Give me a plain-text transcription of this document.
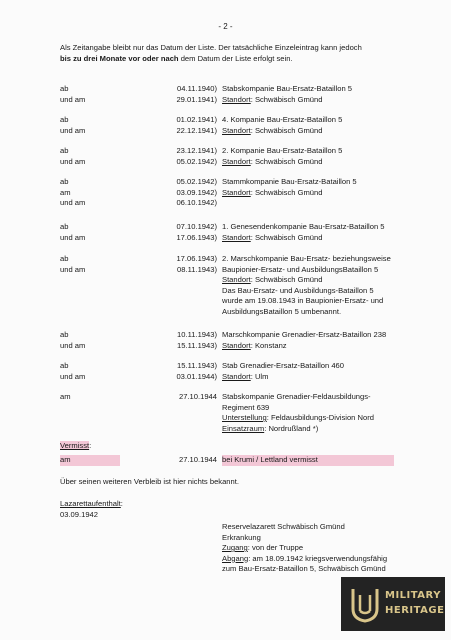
- 2 -
Als Zeitangabe bleibt nur das Datum der Liste. Der tatsächliche Einzeleintrag kann jedoch
bis zu drei Monate vor oder nach dem Datum der Liste erfolgt sein.
ab
und am
04.11.1940)
29.01.1941)
Stabskompanie Bau-Ersatz-Bataillon 5
Standort: Schwäbisch Gmünd
ab
und am
01.02.1941)
22.12.1941)
4. Kompanie Bau-Ersatz-Bataillon 5
Standort: Schwäbisch Gmünd
ab
und am
23.12.1941)
05.02.1942)
2. Kompanie Bau-Ersatz-Bataillon 5
Standort: Schwäbisch Gmünd
ab
am
und am
05.02.1942)
03.09.1942)
06.10.1942)
Stammkompanie Bau-Ersatz-Bataillon 5
Standort: Schwäbisch Gmünd
ab
und am
07.10.1942)
17.06.1943)
1. Genesendenkompanie Bau-Ersatz-Bataillon 5
Standort: Schwäbisch Gmünd
ab
und am
17.06.1943)
08.11.1943)
2. Marschkompanie Bau-Ersatz- beziehungsweise
Baupionier-Ersatz- und AusbildungsBataillon 5
Standort: Schwäbisch Gmünd
Das Bau-Ersatz- und Ausbildungs-Bataillon 5
wurde am 19.08.1943 in Baupionier-Ersatz- und
AusbildungsBataillon 5 umbenannt.
ab
und am
10.11.1943)
15.11.1943)
Marschkompanie Grenadier-Ersatz-Bataillon 238
Standort: Konstanz
ab
und am
15.11.1943)
03.01.1944)
Stab Grenadier-Ersatz-Bataillon 460
Standort: Ulm
am	27.10.1944 Stabskompanie Grenadier-Feldausbildungs-
Regiment 639
Unterstellung: Feldausbildungs-Division Nord
Einsatzraum: Nordrußland *)
Vermisst:
am	27.10.1944 bei Krumi / Lettland vermisst
Über seinen weiteren Verbleib ist hier nichts bekannt.
Lazarettaufenthalt:
03.09.1942
Reservelazarett Schwäbisch Gmünd
Erkrankung
Zugang: von der Truppe
Abgang: am 18.09.1942 kriegsverwendungsfähig
zum Bau-Ersatz-Bataillon 5, Schwäbisch Gmünd
MILITARY
HERITAGE
